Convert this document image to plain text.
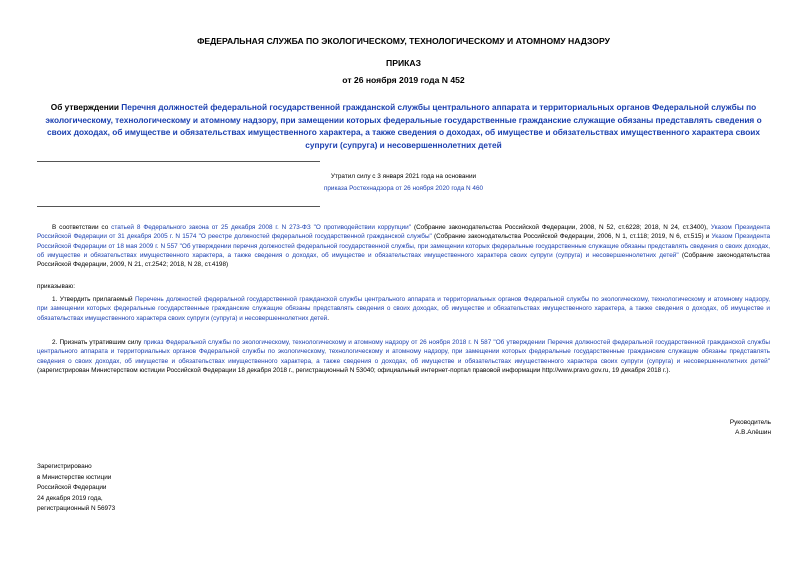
ФЕДЕРАЛЬНАЯ СЛУЖБА ПО ЭКОЛОГИЧЕСКОМУ, ТЕХНОЛОГИЧЕСКОМУ И АТОМНОМУ НАДЗОРУ
ПРИКАЗ
от 26 ноября 2019 года N 452
Об утверждении Перечня должностей федеральной государственной гражданской службы центрального аппарата и территориальных органов Федеральной службы по экологическому, технологическому и атомному надзору, при замещении которых федеральные государственные гражданские служащие обязаны представлять сведения о своих доходах, об имуществе и обязательствах имущественного характера, а также сведения о доходах, об имуществе и обязательствах имущественного характера своих супруги (супруга) и несовершеннолетних детей
Утратил силу с 3 января 2021 года на основании
приказа Ростехнадзора от 26 ноября 2020 года N 460
В соответствии со статьей 8 Федерального закона от 25 декабря 2008 г. N 273-ФЗ "О противодействии коррупции" (Собрание законодательства Российской Федерации, 2008, N 52, ст.6228; 2018, N 24, ст.3400), Указом Президента Российской Федерации от 31 декабря 2005 г. N 1574 "О реестре должностей федеральной государственной гражданской службы" (Собрание законодательства Российской Федерации, 2006, N 1, ст.118; 2019, N 6, ст.515) и Указом Президента Российской Федерации от 18 мая 2009 г. N 557 "Об утверждении перечня должностей федеральной государственной службы, при замещении которых федеральные государственные служащие обязаны представлять сведения о своих доходах, об имуществе и обязательствах имущественного характера, а также сведения о доходах, об имуществе и обязательствах имущественного характера своих супруги (супруга) и несовершеннолетних детей" (Собрание законодательства Российской Федерации, 2009, N 21, ст.2542; 2018, N 28, ст.4198)
приказываю:
1. Утвердить прилагаемый Перечень должностей федеральной государственной гражданской службы центрального аппарата и территориальных органов Федеральной службы по экологическому, технологическому и атомному надзору, при замещении которых федеральные государственные гражданские служащие обязаны представлять сведения о своих доходах, об имуществе и обязательствах имущественного характера, а также сведения о доходах, об имуществе и обязательствах имущественного характера своих супруги (супруга) и несовершеннолетних детей.
2. Признать утратившим силу приказ Федеральной службы по экологическому, технологическому и атомному надзору от 26 ноября 2018 г. N 587 "Об утверждении Перечня должностей федеральной государственной гражданской службы центрального аппарата и территориальных органов Федеральной службы по экологическому, технологическому и атомному надзору, при замещении которых федеральные государственные гражданские служащие обязаны представлять сведения о своих доходах, об имуществе и обязательствах имущественного характера, а также сведения о доходах, об имуществе и обязательствах имущественного характера своих супруги (супруга) и несовершеннолетних детей" (зарегистрирован Министерством юстиции Российской Федерации 18 декабря 2018 г., регистрационный N 53040; официальный интернет-портал правовой информации http://www.pravo.gov.ru, 19 декабря 2018 г.).
Руководитель
А.В.Алёшин
Зарегистрировано
в Министерстве юстиции
Российской Федерации
24 декабря 2019 года,
регистрационный N 56973
